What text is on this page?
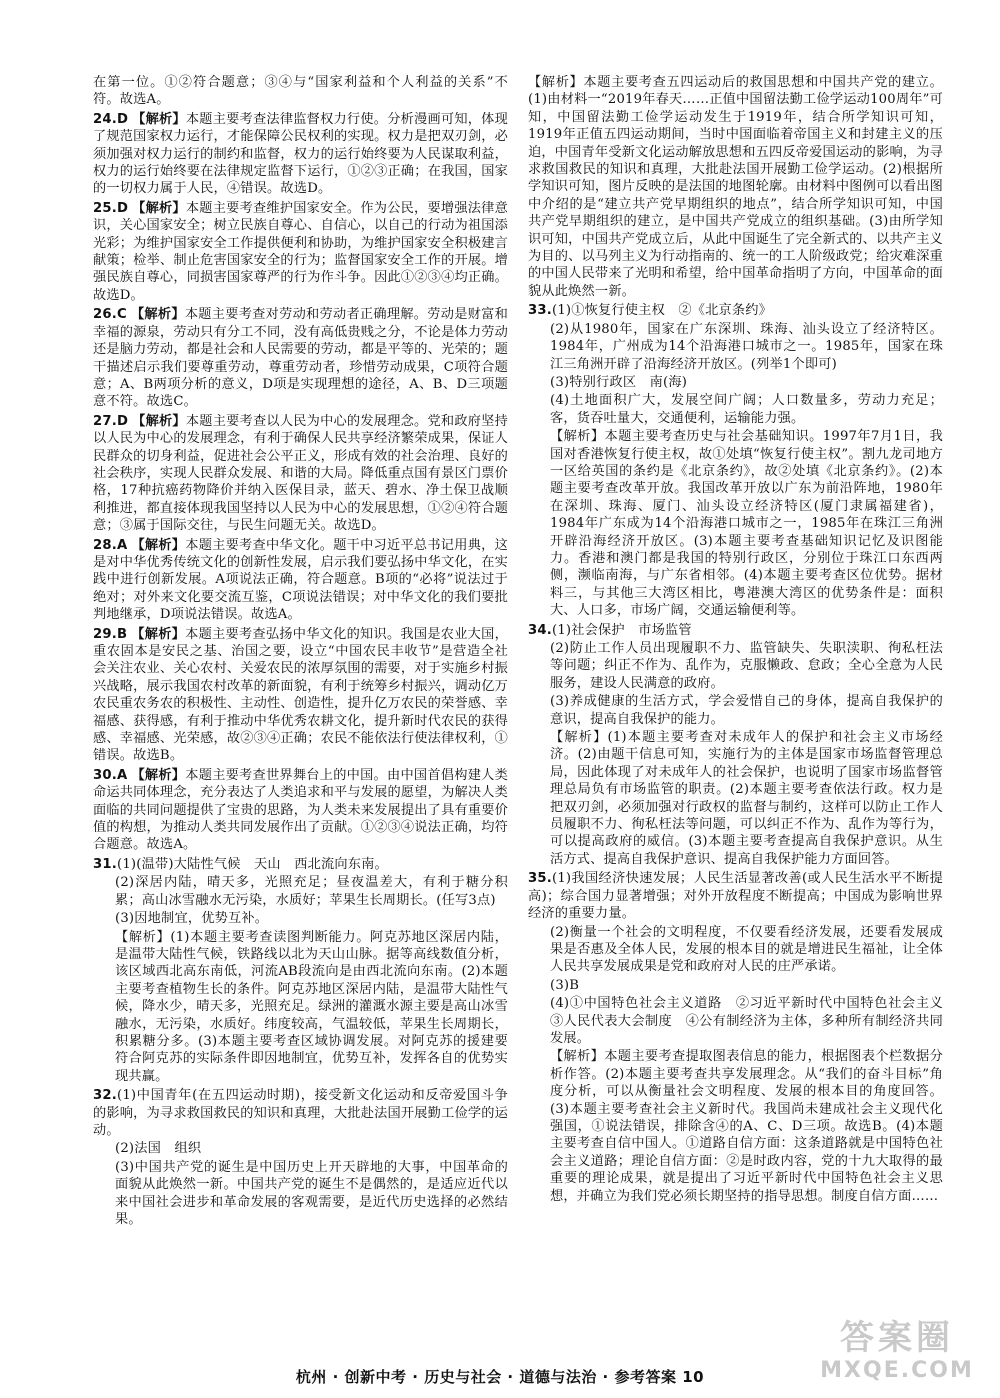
在第一位。①②符合题意；③④与“国家利益和个人利益的关系”不符。故选A。
24.D 【解析】本题主要考查法律监督权力行使。分析漫画可知，体现了规范国家权力运行，才能保障公民权利的实现。权力是把双刃剑，必须加强对权力运行的制约和监督，权力的运行始终要为人民谋取利益，权力的运行始终要在法律规定监督下运行，①②③正确；在我国，国家的一切权力属于人民，④错误。故选D。
25.D 【解析】本题主要考查维护国家安全。作为公民，要增强法律意识，关心国家安全；树立民族自尊心、自信心，以自己的行动为祖国添光彩；为维护国家安全工作提供便利和协助，为维护国家安全积极建言献策；检举、制止危害国家安全的行为；监督国家安全工作的开展。增强民族自尊心，同损害国家尊严的行为作斗争。因此①②③④均正确。故选D。
26.C 【解析】本题主要考查对劳动和劳动者正确理解。劳动是财富和幸福的源泉，劳动只有分工不同，没有高低贵贱之分，不论是体力劳动还是脑力劳动，都是社会和人民需要的劳动，都是平等的、光荣的；题干描述启示我们要尊重劳动，尊重劳动者，珍惜劳动成果，C项符合题意；A、B两项分析的意义，D项是实现理想的途径，A、B、D三项题意不符。故选C。
27.D 【解析】本题主要考查以人民为中心的发展理念。党和政府坚持以人民为中心的发展理念，有利于确保人民共享经济繁荣成果，保证人民群众的切身利益，促进社会公平正义，形成有效的社会治理、良好的社会秩序，实现人民群众发展、和谐的大局。降低重点国有景区门票价格，17种抗癌药物降价并纳入医保目录，蓝天、碧水、净土保卫战顺利推进，都直接体现我国坚持以人民为中心的发展思想，①②④符合题意；③属于国际交往，与民生问题无关。故选D。
28.A 【解析】本题主要考查中华文化。题干中习近平总书记用典，这是对中华优秀传统文化的创新性发展，启示我们要弘扬中华文化，在实践中进行创新发展。A项说法正确，符合题意。B项的“必将”说法过于绝对；对外来文化要交流互鉴，C项说法错误；对中华文化的我们要批判地继承，D项说法错误。故选A。
29.B 【解析】本题主要考查弘扬中华文化的知识。我国是农业大国，重农固本是安民之基、治国之要，设立“中国农民丰收节”是营造全社会关注农业、关心农村、关爱农民的浓厚氛围的需要，对于实施乡村振兴战略，展示我国农村改革的新面貌，有利于统筹乡村振兴，调动亿万农民重农务农的积极性、主动性、创造性，提升亿万农民的荣誉感、幸福感、获得感，有利于推动中华优秀农耕文化，提升新时代农民的获得感、幸福感、光荣感，故②③④正确；农民不能依法行使法律权利，①错误。故选B。
30.A 【解析】本题主要考查世界舞台上的中国。由中国首倡构建人类命运共同体理念，充分表达了人类追求和平与发展的愿望，为解决人类面临的共同问题提供了宝贵的思路，为人类未来发展提出了具有重要价值的构想，为推动人类共同发展作出了贡献。①②③④说法正确，均符合题意。故选A。
31.(1)(温带)大陆性气候　天山　西北流向东南。
(2)深居内陆，晴天多，光照充足；昼夜温差大，有利于糖分积累；高山冰雪融水无污染，水质好；苹果生长周期长。(任写3点)
(3)因地制宜，优势互补。
【解析】(1)本题主要考查读图判断能力。阿克苏地区深居内陆，是温带大陆性气候，铁路线以北为天山山脉。据等高线数值分析，该区域西北高东南低，河流AB段流向是由西北流向东南。(2)本题主要考查植物生长的条件。阿克苏地区深居内陆，是温带大陆性气候，降水少，晴天多，光照充足。绿洲的灌溉水源主要是高山冰雪融水，无污染，水质好。纬度较高，气温较低，苹果生长周期长，积累糖分多。(3)本题主要考查区域协调发展。对阿克苏的援建要符合阿克苏的实际条件即因地制宜，优势互补，发挥各自的优势实现共赢。
32.(1)中国青年(在五四运动时期)，接受新文化运动和反帝爱国斗争的影响，为寻求救国救民的知识和真理，大批赴法国开展勤工俭学的运动。
(2)法国　组织
(3)中国共产党的诞生是中国历史上开天辟地的大事，中国革命的面貌从此焕然一新。中国共产党的诞生不是偶然的，是适应近代以来中国社会进步和革命发展的客观需要，是近代历史选择的必然结果。
【解析】本题主要考查五四运动后的救国思想和中国共产党的建立。(1)由材料一“2019年春天……正值中国留法勤工俭学运动100周年”可知，中国留法勤工俭学运动发生于1919年，结合所学知识可知，1919年正值五四运动期间，当时中国面临着帝国主义和封建主义的压迫，中国青年受新文化运动解放思想和五四反帝爱国运动的影响，为寻求救国救民的知识和真理，大批赴法国开展勤工俭学运动。(2)根据所学知识可知，图片反映的是法国的地图轮廓。由材料中图例可以看出图中介绍的是“建立共产党早期组织的地点”，结合所学知识可知，中国共产党早期组织的建立，是中国共产党成立的组织基础。(3)由所学知识可知，中国共产党成立后，从此中国诞生了完全新式的、以共产主义为目的、以马列主义为行动指南的、统一的工人阶级政党；给灾难深重的中国人民带来了光明和希望，给中国革命指明了方向，中国革命的面貌从此焕然一新。
33.(1)①恢复行使主权　②《北京条约》
(2)从1980年，国家在广东深圳、珠海、汕头设立了经济特区。1984年，广州成为14个沿海港口城市之一。1985年，国家在珠江三角洲开辟了沿海经济开放区。(列举1个即可)
(3)特别行政区　南(海)
(4)土地面积广大，发展空间广阔；人口数量多，劳动力充足；客，货吞吐量大，交通便利，运输能力强。
【解析】本题主要考查历史与社会基础知识。1997年7月1日，我国对香港恢复行使主权，故①处填“恢复行使主权”。割九龙司地方一区给英国的条约是《北京条约》，故②处填《北京条约》。(2)本题主要考查改革开放。我国改革开放以广东为前沿阵地，1980年在深圳、珠海、厦门、汕头设立经济特区(厦门隶属福建省)，1984年广东成为14个沿海港口城市之一，1985年在珠江三角洲开辟沿海经济开放区。(3)本题主要考查基础知识记忆及识图能力。香港和澳门都是我国的特别行政区，分别位于珠江口东西两侧，濒临南海，与广东省相邻。(4)本题主要考查区位优势。据材料三，与其他三大湾区相比，粤港澳大湾区的优势条件是：面积大、人口多，市场广阔，交通运输便利等。
34.(1)社会保护　市场监管
(2)防止工作人员出现履职不力、监管缺失、失职渎职、徇私枉法等问题；纠正不作为、乱作为，克服懒政、怠政；全心全意为人民服务，建设人民满意的政府。
(3)养成健康的生活方式，学会爱惜自己的身体，提高自我保护的意识，提高自我保护的能力。
【解析】(1)本题主要考查对未成年人的保护和社会主义市场经济。(2)由题干信息可知，实施行为的主体是国家市场监督管理总局，因此体现了对未成年人的社会保护，也说明了国家市场监督管理总局负有市场监管的职责。(2)本题主要考查依法行政。权力是把双刃剑，必须加强对行政权的监督与制约，这样可以防止工作人员履职不力、徇私枉法等问题，可以纠正不作为、乱作为等行为，可以提高政府的威信。(3)本题主要考查提高自我保护意识。从生活方式、提高自我保护意识、提高自我保护能力方面回答。
35.(1)我国经济快速发展；人民生活显著改善(或人民生活水平不断提高)；综合国力显著增强；对外开放程度不断提高；中国成为影响世界经济的重要力量。
(2)衡量一个社会的文明程度，不仅要看经济发展，还要看发展成果是否惠及全体人民，发展的根本目的就是增进民生福祉，让全体人民共享发展成果是党和政府对人民的庄严承诺。
(3)B
(4)①中国特色社会主义道路　②习近平新时代中国特色社会主义　③人民代表大会制度　④公有制经济为主体，多种所有制经济共同发展。
【解析】本题主要考查提取图表信息的能力，根据图表个栏数据分析作答。(2)本题主要考查共享发展理念。从“我们的奋斗目标”角度分析，可以从衡量社会文明程度、发展的根本目的角度回答。(3)本题主要考查社会主义新时代。我国尚未建成社会主义现代化强国，①说法错误，排除含④的A、C、D三项。故选B。(4)本题主要考查自信中国人。①道路自信方面：这条道路就是中国特色社会主义道路；理论自信方面：②是时政内容，党的十九大取得的最重要的理论成果，就是提出了习近平新时代中国特色社会主义思想，并确立为我们党必须长期坚持的指导思想。制度自信方面……
杭州 · 创新中考 · 历史与社会 · 道德与法治 · 参考答案 10
答案圈
MXQE.COM
